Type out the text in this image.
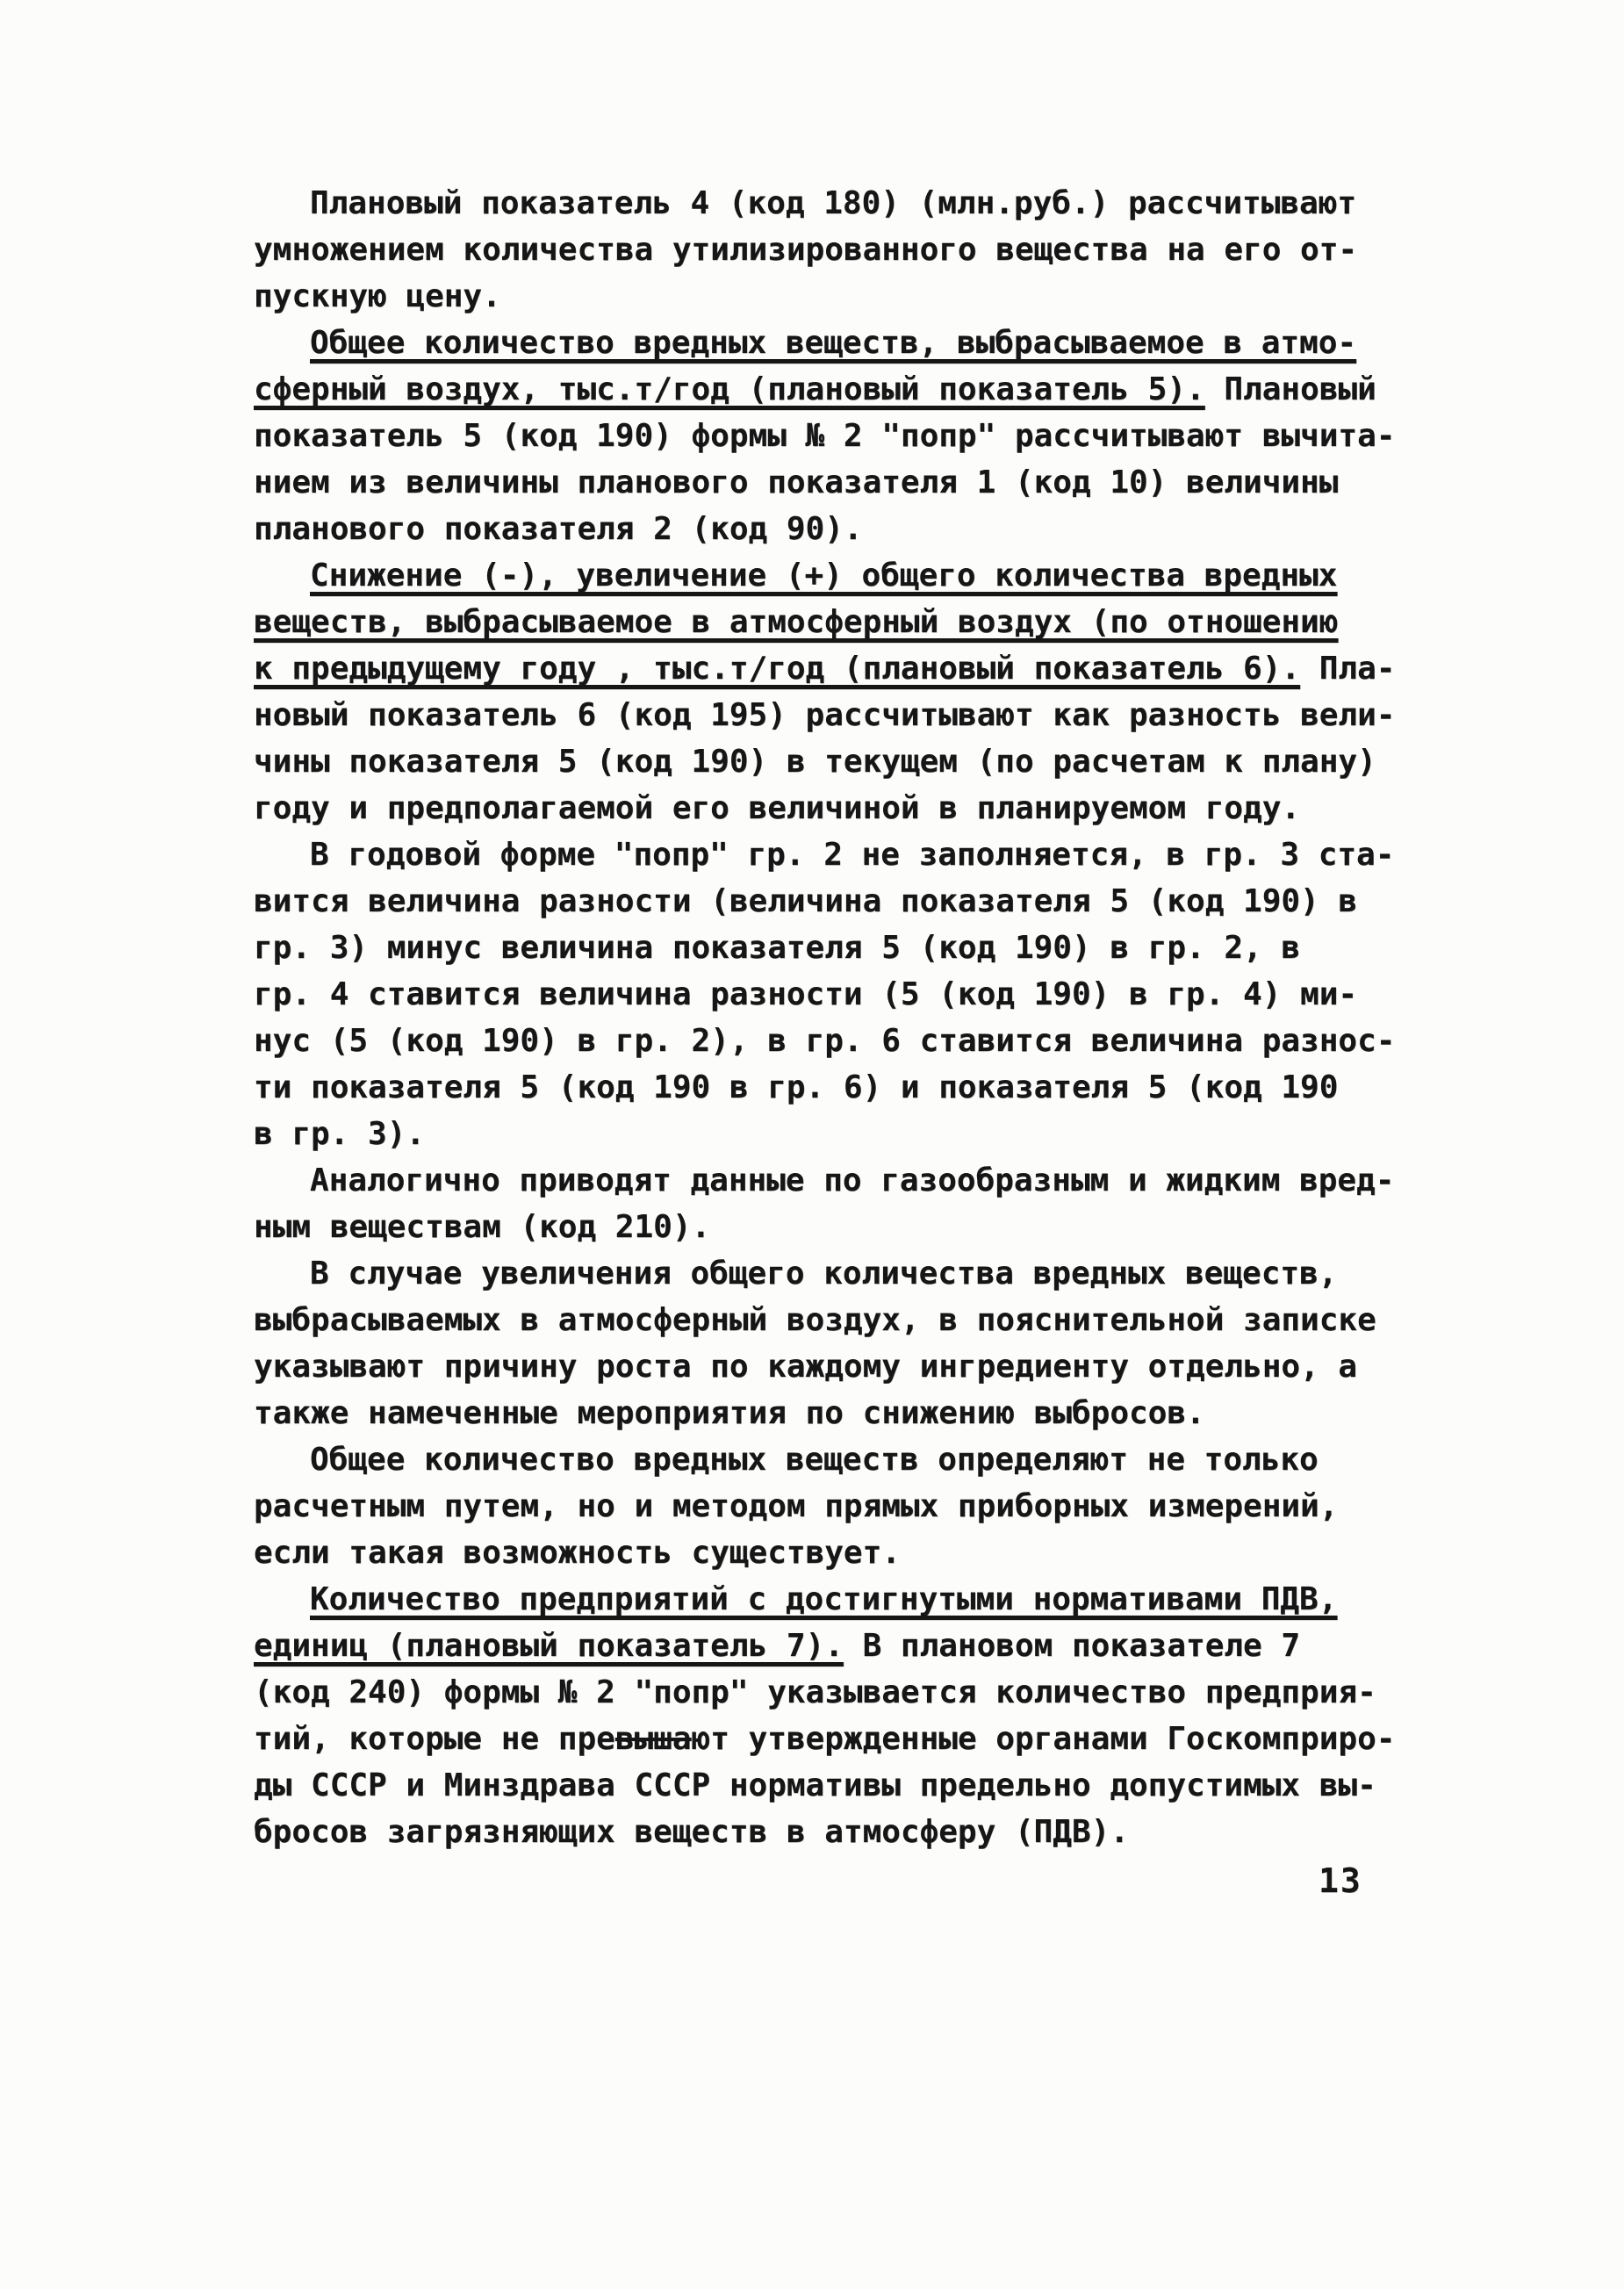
Плановый показатель 4 (код 180) (млн.руб.) рассчитывают
умножением количества утилизированного вещества на его от-
пускную цену.
Общее количество вредных веществ, выбрасываемое в атмо-
сферный воздух, тыс.т/год (плановый показатель 5). Плановый
показатель 5 (код 190) формы № 2 "попр" рассчитывают вычита-
нием из величины планового показателя 1 (код 10) величины
планового показателя 2 (код 90).
Снижение (-), увеличение (+) общего количества вредных
веществ, выбрасываемое в атмосферный воздух (по отношению
к предыдущему году , тыс.т/год (плановый показатель 6). Пла-
новый показатель 6 (код 195) рассчитывают как разность вели-
чины показателя 5 (код 190) в текущем (по расчетам к плану)
году и предполагаемой его величиной в планируемом году.
В годовой форме "попр" гр. 2 не заполняется, в гр. 3 ста-
вится величина разности (величина показателя 5 (код 190) в
гр. 3) минус величина показателя 5 (код 190) в гр. 2, в
гр. 4 ставится величина разности (5 (код 190) в гр. 4) ми-
нус (5 (код 190) в гр. 2), в гр. 6 ставится величина разнос-
ти показателя 5 (код 190 в гр. 6) и показателя 5 (код 190
в гр. 3).
Аналогично приводят данные по газообразным и жидким вред-
ным веществам (код 210).
В случае увеличения общего количества вредных веществ,
выбрасываемых в атмосферный воздух, в пояснительной записке
указывают причину роста по каждому ингредиенту отдельно, а
также намеченные мероприятия по снижению выбросов.
Общее количество вредных веществ определяют не только
расчетным путем, но и методом прямых приборных измерений,
если такая возможность существует.
Количество предприятий с достигнутыми нормативами ПДВ,
единиц (плановый показатель 7). В плановом показателе 7
(код 240) формы № 2 "попр" указывается количество предприя-
тий, которые не превышают утвержденные органами Госкомприро-
ды СССР и Минздрава СССР нормативы предельно допустимых вы-
бросов загрязняющих веществ в атмосферу (ПДВ).
13
